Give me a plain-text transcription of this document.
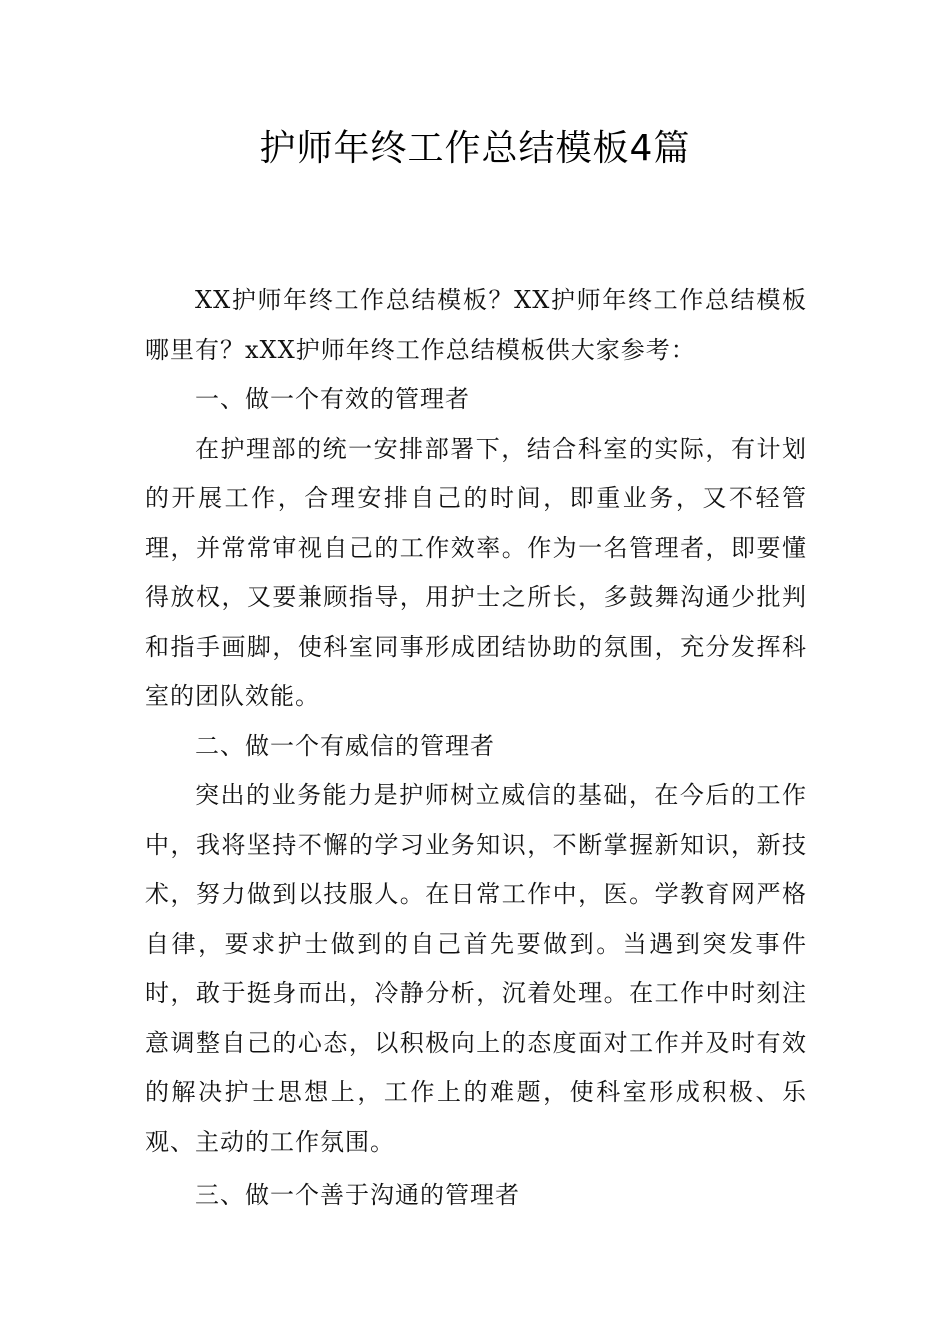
护师年终工作总结模板4篇

XX护师年终工作总结模板？XX护师年终工作总结模板哪里有？xXX护师年终工作总结模板供大家参考：

一、做一个有效的管理者

在护理部的统一安排部署下，结合科室的实际，有计划的开展工作，合理安排自己的时间，即重业务，又不轻管理，并常常审视自己的工作效率。作为一名管理者，即要懂得放权，又要兼顾指导，用护士之所长，多鼓舞沟通少批判和指手画脚，使科室同事形成团结协助的氛围，充分发挥科室的团队效能。

二、做一个有威信的管理者

突出的业务能力是护师树立威信的基础，在今后的工作中，我将坚持不懈的学习业务知识，不断掌握新知识，新技术，努力做到以技服人。在日常工作中，医。学教育网严格自律，要求护士做到的自己首先要做到。当遇到突发事件时，敢于挺身而出，冷静分析，沉着处理。在工作中时刻注意调整自己的心态，以积极向上的态度面对工作并及时有效的解决护士思想上，工作上的难题，使科室形成积极、乐观、主动的工作氛围。

三、做一个善于沟通的管理者
